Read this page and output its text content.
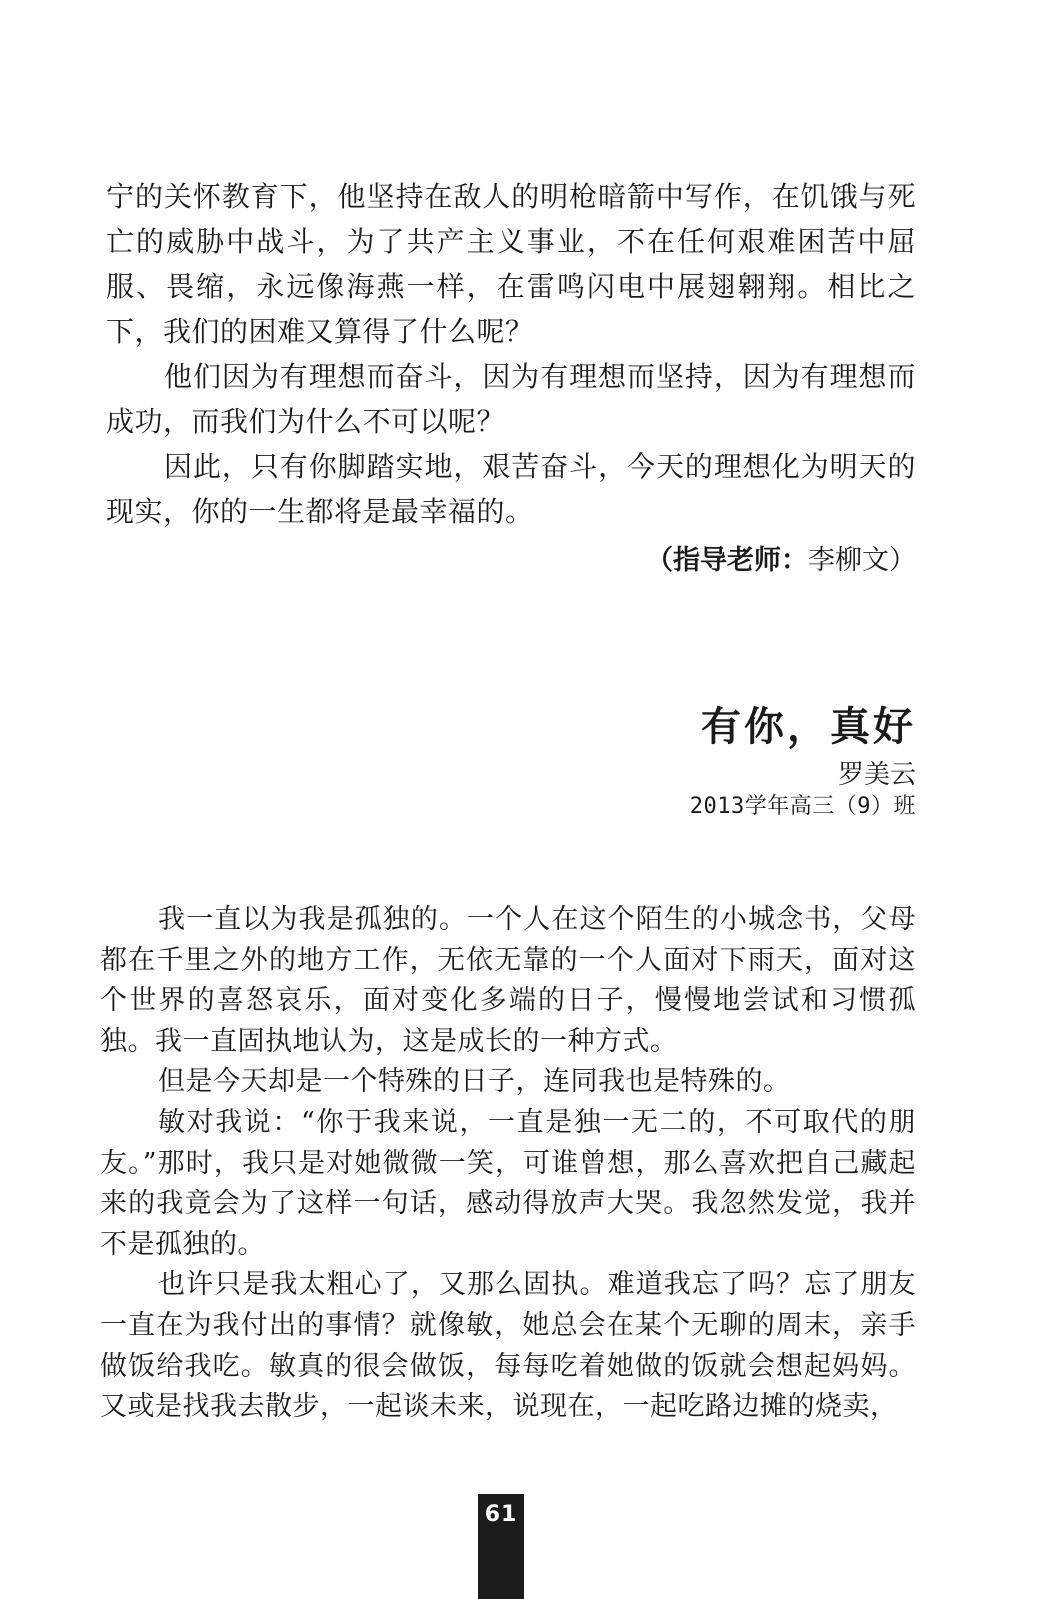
宁的关怀教育下，他坚持在敌人的明枪暗箭中写作，在饥饿与死亡的威胁中战斗，为了共产主义事业，不在任何艰难困苦中屈服、畏缩，永远像海燕一样，在雷鸣闪电中展翅翱翔。相比之下，我们的困难又算得了什么呢？

他们因为有理想而奋斗，因为有理想而坚持，因为有理想而成功，而我们为什么不可以呢？

因此，只有你脚踏实地，艰苦奋斗，今天的理想化为明天的现实，你的一生都将是最幸福的。

（指导老师：李柳文）
有你，真好
罗美云
2013学年高三（9）班

我一直以为我是孤独的。一个人在这个陌生的小城念书，父母都在千里之外的地方工作，无依无靠的一个人面对下雨天，面对这个世界的喜怒哀乐，面对变化多端的日子，慢慢地尝试和习惯孤独。我一直固执地认为，这是成长的一种方式。

但是今天却是一个特殊的日子，连同我也是特殊的。

敏对我说：“你于我来说，一直是独一无二的，不可取代的朋友。”那时，我只是对她微微一笑，可谁曾想，那么喜欢把自己藏起来的我竟会为了这样一句话，感动得放声大哭。我忽然发觉，我并不是孤独的。

也许只是我太粗心了，又那么固执。难道我忘了吗？忘了朋友一直在为我付出的事情？就像敏，她总会在某个无聊的周末，亲手做饭给我吃。敏真的很会做饭，每每吃着她做的饭就会想起妈妈。又或是找我去散步，一起谈未来，说现在，一起吃路边摊的烧卖，

61
